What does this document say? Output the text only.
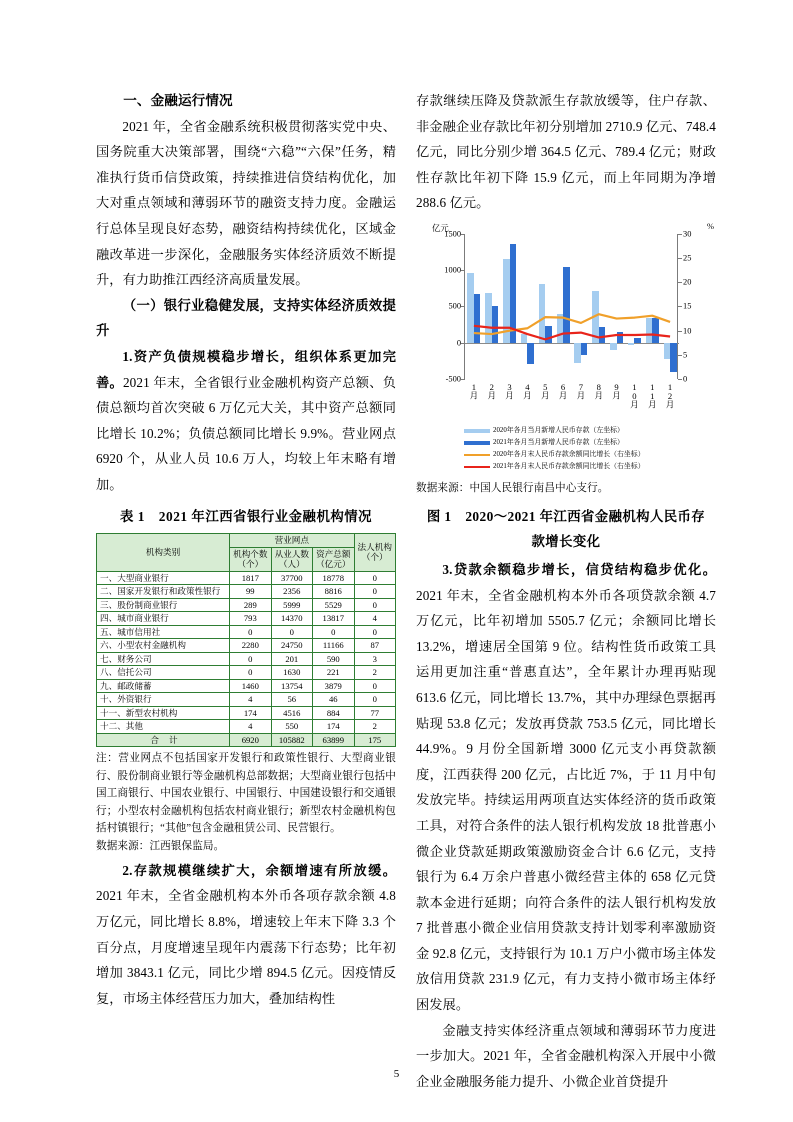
一、金融运行情况

2021 年，全省金融系统积极贯彻落实党中央、国务院重大决策部署，围绕“六稳”“六保”任务，精准执行货币信贷政策，持续推进信贷结构优化，加大对重点领域和薄弱环节的融资支持力度。金融运行总体呈现良好态势，融资结构持续优化，区域金融改革进一步深化，金融服务实体经济质效不断提升，有力助推江西经济高质量发展。

（一）银行业稳健发展，支持实体经济质效提升

1.资产负债规模稳步增长，组织体系更加完善。2021 年末，全省银行业金融机构资产总额、负债总额均首次突破 6 万亿元大关，其中资产总额同比增长 10.2%；负债总额同比增长 9.9%。营业网点 6920 个，从业人员 10.6 万人，均较上年末略有增加。

表 1　2021 年江西省银行业金融机构情况
机构类别	营业网点			法人机构
（个）
	机构个数
（个）	从业人数
（人）	资产总额
（亿元）	
一、大型商业银行	1817	37700	18778	0
二、国家开发银行和政策性银行	99	2356	8816	0
三、股份制商业银行	289	5999	5529	0
四、城市商业银行	793	14370	13817	4
五、城市信用社	0	0	0	0
六、小型农村金融机构	2280	24750	11166	87
七、财务公司	0	201	590	3
八、信托公司	0	1630	221	2
九、邮政储蓄	1460	13754	3879	0
十、外资银行	4	56	46	0
十一、新型农村机构	174	4516	884	77
十二、其他	4	550	174	2
合计	6920	105882	63899	175

注：营业网点不包括国家开发银行和政策性银行、大型商业银行、股份制商业银行等金融机构总部数据；大型商业银行包括中国工商银行、中国农业银行、中国银行、中国建设银行和交通银行；小型农村金融机构包括农村商业银行；新型农村金融机构包括村镇银行；“其他”包含金融租赁公司、民营银行。

数据来源：江西银保监局。

2.存款规模继续扩大，余额增速有所放缓。2021 年末，全省金融机构本外币各项存款余额 4.8 万亿元，同比增长 8.8%，增速较上年末下降 3.3 个百分点，月度增速呈现年内震荡下行态势；比年初增加 3843.1 亿元，同比少增 894.5 亿元。因疫情反复，市场主体经营压力加大，叠加结构性

存款继续压降及贷款派生存款放缓等，住户存款、非金融企业存款比年初分别增加 2710.9 亿元、748.4 亿元，同比分别少增 364.5 亿元、789.4 亿元；财政性存款比年初下降 15.9 亿元，而上年同期为净增 288.6 亿元。

亿元	%
-500
0
500
1000
1500
0
5
10
15
20
25
30
1月 2月 3月 4月 5月 6月 7月 8月 9月 10月 11月 12月
2020年各月当月新增人民币存款（左坐标）
2021年各月当月新增人民币存款（左坐标）
2020年各月末人民币存款余额同比增长（右坐标）
2021年各月末人民币存款余额同比增长（右坐标）

数据来源：中国人民银行南昌中心支行。

图 1　2020～2021 年江西省金融机构人民币存
款增长变化

3.贷款余额稳步增长，信贷结构稳步优化。2021 年末，全省金融机构本外币各项贷款余额 4.7 万亿元，比年初增加 5505.7 亿元；余额同比增长 13.2%，增速居全国第 9 位。结构性货币政策工具运用更加注重“普惠直达”，全年累计办理再贴现 613.6 亿元，同比增长 13.7%，其中办理绿色票据再贴现 53.8 亿元；发放再贷款 753.5 亿元，同比增长 44.9%。9 月份全国新增 3000 亿元支小再贷款额度，江西获得 200 亿元，占比近 7%，于 11 月中旬发放完毕。持续运用两项直达实体经济的货币政策工具，对符合条件的法人银行机构发放 18 批普惠小微企业贷款延期政策激励资金合计 6.6 亿元，支持银行为 6.4 万余户普惠小微经营主体的 658 亿元贷款本金进行延期；向符合条件的法人银行机构发放 7 批普惠小微企业信用贷款支持计划零利率激励资金 92.8 亿元，支持银行为 10.1 万户小微市场主体发放信用贷款 231.9 亿元，有力支持小微市场主体纾困发展。

金融支持实体经济重点领域和薄弱环节力度进一步加大。2021 年，全省金融机构深入开展中小微企业金融服务能力提升、小微企业首贷提升

5
